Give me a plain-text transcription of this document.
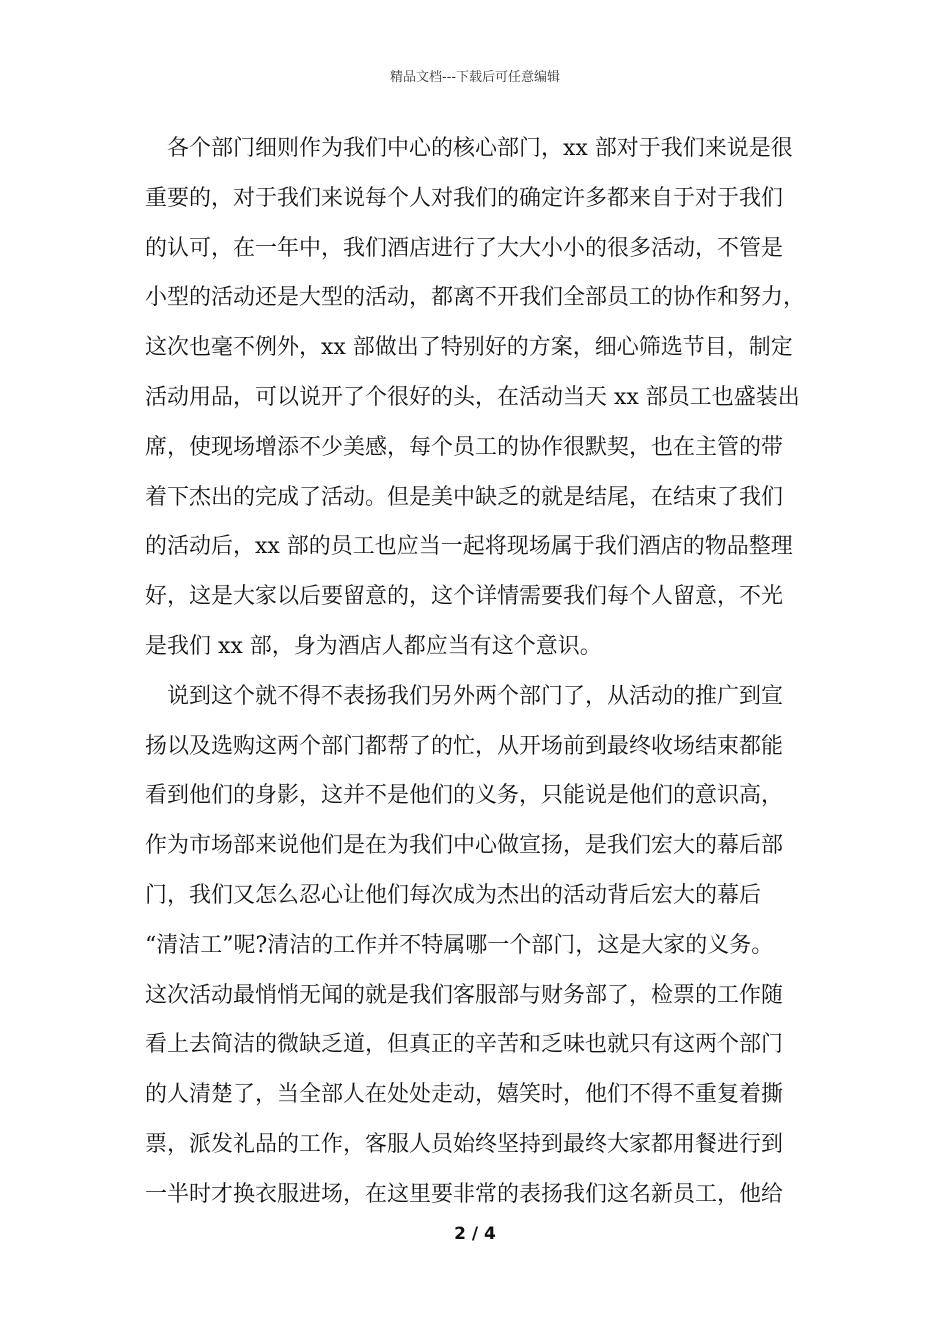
精品文档---下载后可任意编辑
各个部门细则作为我们中心的核心部门，xx 部对于我们来说是很
重要的，对于我们来说每个人对我们的确定许多都来自于对于我们
的认可，在一年中，我们酒店进行了大大小小的很多活动，不管是
小型的活动还是大型的活动，都离不开我们全部员工的协作和努力，
这次也毫不例外，xx 部做出了特别好的方案，细心筛选节目，制定
活动用品，可以说开了个很好的头，在活动当天 xx 部员工也盛装出
席，使现场增添不少美感，每个员工的协作很默契，也在主管的带
着下杰出的完成了活动。但是美中缺乏的就是结尾，在结束了我们
的活动后，xx 部的员工也应当一起将现场属于我们酒店的物品整理
好，这是大家以后要留意的，这个详情需要我们每个人留意，不光
是我们 xx 部，身为酒店人都应当有这个意识。
说到这个就不得不表扬我们另外两个部门了，从活动的推广到宣
扬以及选购这两个部门都帮了的忙，从开场前到最终收场结束都能
看到他们的身影，这并不是他们的义务，只能说是他们的意识高，
作为市场部来说他们是在为我们中心做宣扬，是我们宏大的幕后部
门，我们又怎么忍心让他们每次成为杰出的活动背后宏大的幕后
“清洁工”呢?清洁的工作并不特属哪一个部门，这是大家的义务。
这次活动最悄悄无闻的就是我们客服部与财务部了，检票的工作随
看上去简洁的微缺乏道，但真正的辛苦和乏味也就只有这两个部门
的人清楚了，当全部人在处处走动，嬉笑时，他们不得不重复着撕
票，派发礼品的工作，客服人员始终坚持到最终大家都用餐进行到
一半时才换衣服进场，在这里要非常的表扬我们这名新员工，他给
2 / 4
